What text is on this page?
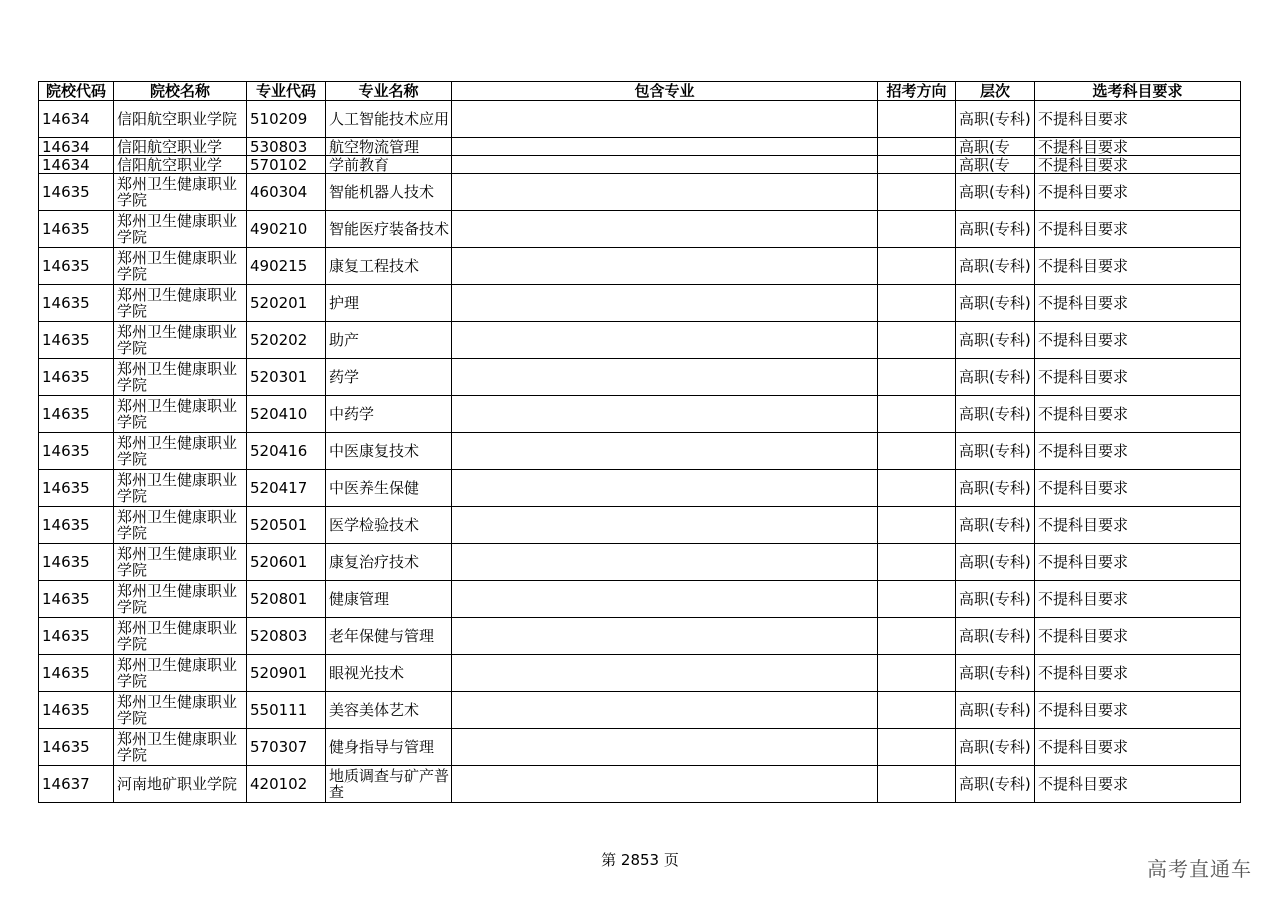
院校代码	院校名称	专业代码	专业名称	包含专业	招考方向	层次	选考科目要求

14634	信阳航空职业学院	510209	人工智能技术应用			高职(专科)	不提科目要求

14634	信阳航空职业学	530803	航空物流管理			高职(专	不提科目要求

14634	信阳航空职业学	570102	学前教育			高职(专	不提科目要求

14635	郑州卫生健康职业学院	460304	智能机器人技术			高职(专科)	不提科目要求

14635	郑州卫生健康职业学院	490210	智能医疗装备技术			高职(专科)	不提科目要求

14635	郑州卫生健康职业学院	490215	康复工程技术			高职(专科)	不提科目要求

14635	郑州卫生健康职业学院	520201	护理			高职(专科)	不提科目要求

14635	郑州卫生健康职业学院	520202	助产			高职(专科)	不提科目要求

14635	郑州卫生健康职业学院	520301	药学			高职(专科)	不提科目要求

14635	郑州卫生健康职业学院	520410	中药学			高职(专科)	不提科目要求

14635	郑州卫生健康职业学院	520416	中医康复技术			高职(专科)	不提科目要求

14635	郑州卫生健康职业学院	520417	中医养生保健			高职(专科)	不提科目要求

14635	郑州卫生健康职业学院	520501	医学检验技术			高职(专科)	不提科目要求

14635	郑州卫生健康职业学院	520601	康复治疗技术			高职(专科)	不提科目要求

14635	郑州卫生健康职业学院	520801	健康管理			高职(专科)	不提科目要求

14635	郑州卫生健康职业学院	520803	老年保健与管理			高职(专科)	不提科目要求

14635	郑州卫生健康职业学院	520901	眼视光技术			高职(专科)	不提科目要求

14635	郑州卫生健康职业学院	550111	美容美体艺术			高职(专科)	不提科目要求

14635	郑州卫生健康职业学院	570307	健身指导与管理			高职(专科)	不提科目要求

14637	河南地矿职业学院	420102	地质调查与矿产普查			高职(专科)	不提科目要求
第 2853 页	高考直通车
